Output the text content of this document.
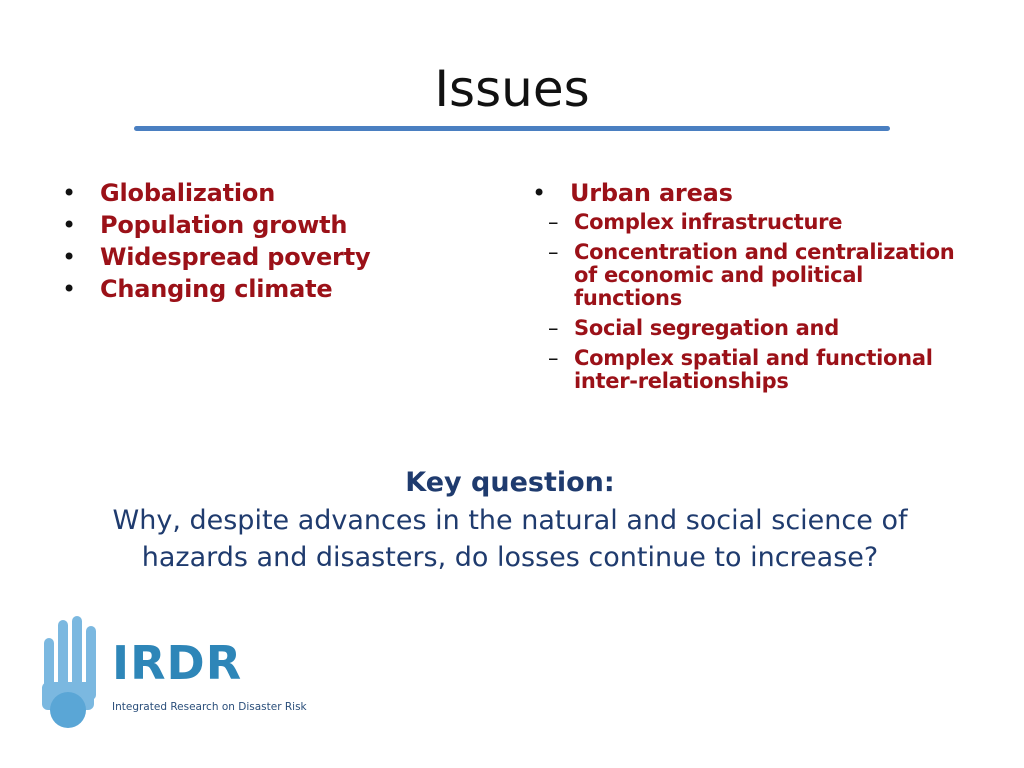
Issues
• Globalization
• Population growth
• Widespread poverty
• Changing climate
• Urban areas
– Complex infrastructure
– Concentration and centralization of economic and political functions
– Social segregation and
– Complex spatial and functional inter-relationships
Key question:
Why, despite advances in the natural and social science of hazards and disasters, do losses continue to increase?
IRDR
Integrated Research on Disaster Risk
